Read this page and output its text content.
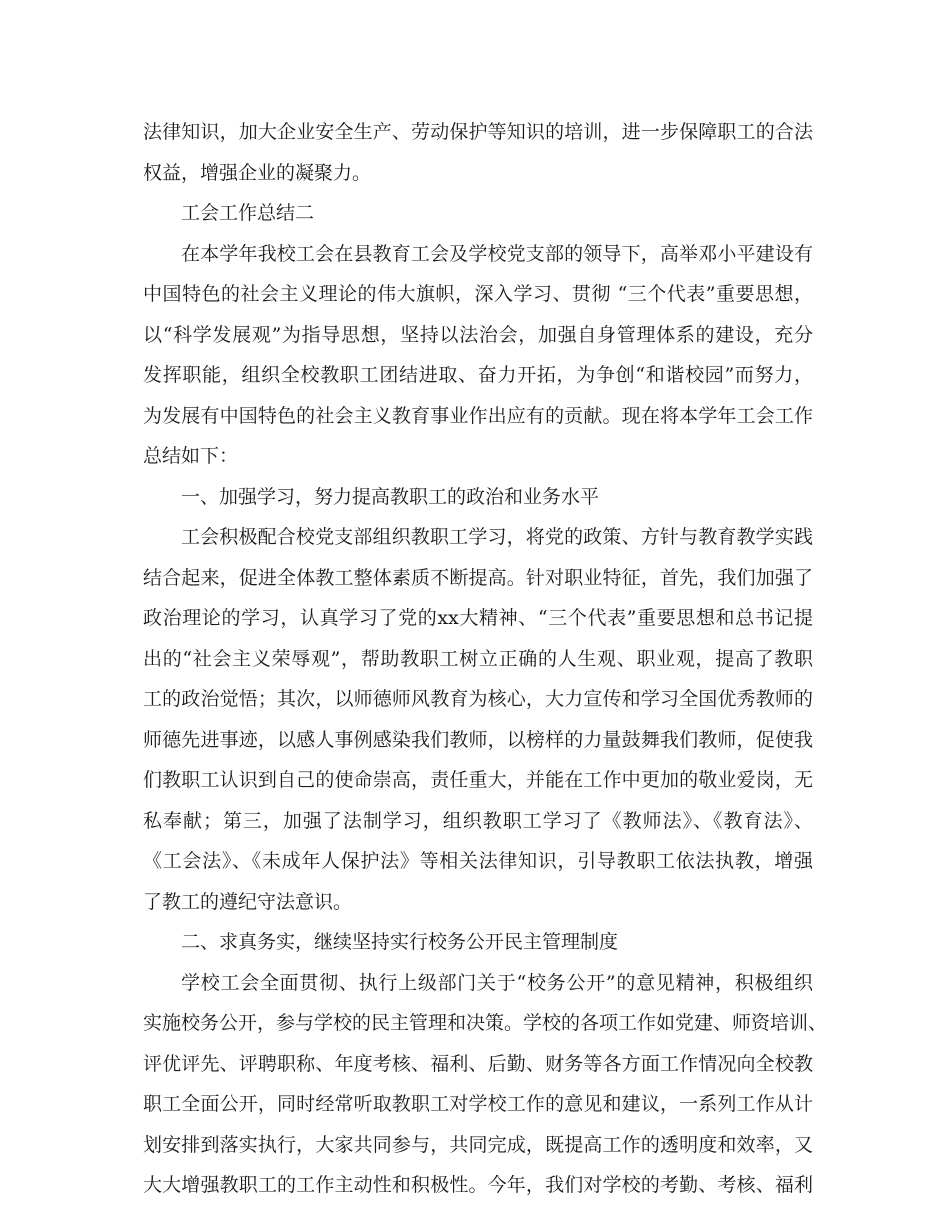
法律知识，加大企业安全生产、劳动保护等知识的培训，进一步保障职工的合法
权益，增强企业的凝聚力。
工会工作总结二
在本学年我校工会在县教育工会及学校党支部的领导下，高举邓小平建设有
中国特色的社会主义理论的伟大旗帜，深入学习、贯彻 “三个代表”重要思想，
以“科学发展观”为指导思想，坚持以法治会，加强自身管理体系的建设，充分
发挥职能，组织全校教职工团结进取、奋力开拓，为争创“和谐校园”而努力，
为发展有中国特色的社会主义教育事业作出应有的贡献。现在将本学年工会工作
总结如下：
一、加强学习，努力提高教职工的政治和业务水平
工会积极配合校党支部组织教职工学习，将党的政策、方针与教育教学实践
结合起来，促进全体教工整体素质不断提高。针对职业特征，首先，我们加强了
政治理论的学习，认真学习了党的xx大精神、“三个代表”重要思想和总书记提
出的“社会主义荣辱观”，帮助教职工树立正确的人生观、职业观，提高了教职
工的政治觉悟；其次，以师德师风教育为核心，大力宣传和学习全国优秀教师的
师德先进事迹，以感人事例感染我们教师，以榜样的力量鼓舞我们教师，促使我
们教职工认识到自己的使命崇高，责任重大，并能在工作中更加的敬业爱岗，无
私奉献；第三，加强了法制学习，组织教职工学习了《教师法》、《教育法》、
《工会法》、《未成年人保护法》等相关法律知识，引导教职工依法执教，增强
了教工的遵纪守法意识。
二、求真务实，继续坚持实行校务公开民主管理制度
学校工会全面贯彻、执行上级部门关于“校务公开”的意见精神，积极组织
实施校务公开，参与学校的民主管理和决策。学校的各项工作如党建、师资培训、
评优评先、评聘职称、年度考核、福利、后勤、财务等各方面工作情况向全校教
职工全面公开，同时经常听取教职工对学校工作的意见和建议，一系列工作从计
划安排到落实执行，大家共同参与，共同完成，既提高工作的透明度和效率，又
大大增强教职工的工作主动性和积极性。今年，我们对学校的考勤、考核、福利
